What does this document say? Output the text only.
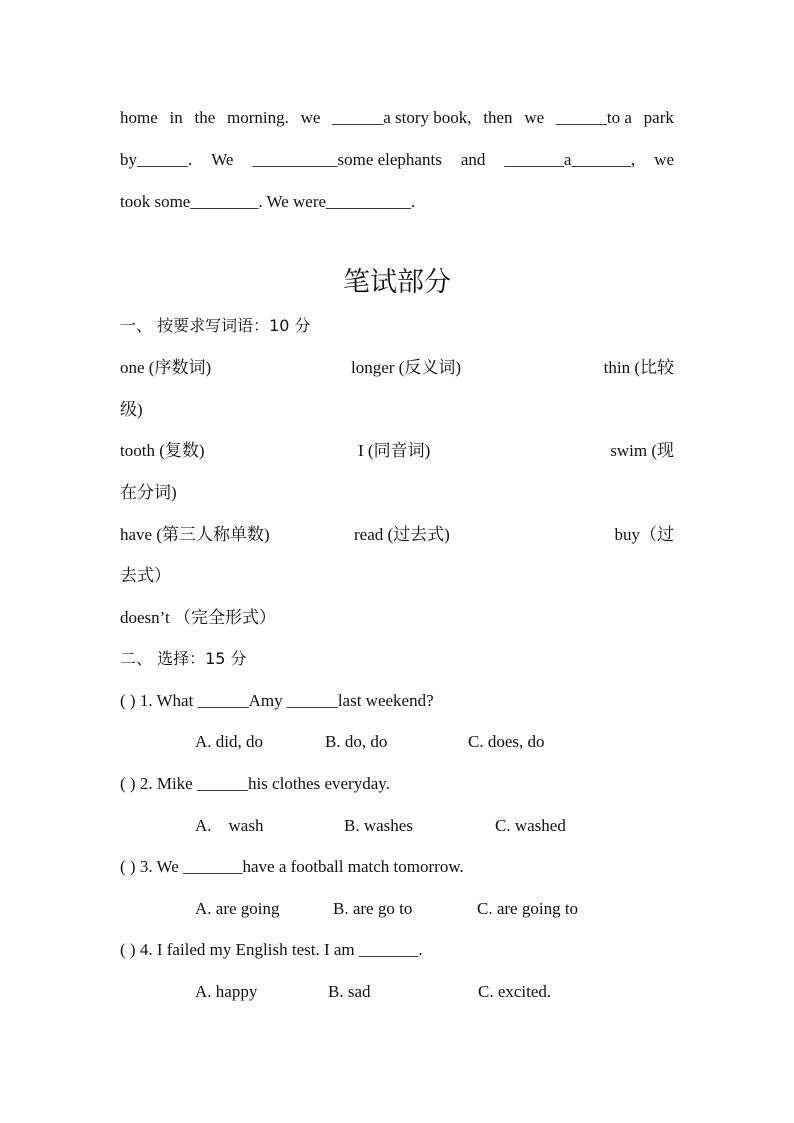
home in the morning. we ______a story book, then we ______to a park
by______. We __________some elephants and _______a_______, we
took some________. We were__________.
笔试部分
一、 按要求写词语：10 分
one (序数词)	longer (反义词)	thin (比较
级)
tooth (复数)	I (同音词)	swim (现
在分词)
have (第三人称单数)	read (过去式)	buy（过
去式）
doesn’t （完全形式）
二、 选择：15 分
( ) 1. What ______Amy ______last weekend?
A. did, do	B. do, do	C. does, do
( ) 2. Mike ______his clothes everyday.
A.    wash	B. washes	C. washed
( ) 3. We _______have a football match tomorrow.
A. are going	B. are go to	C. are going to
( ) 4. I failed my English test. I am _______.
A. happy	B. sad	C. excited.
